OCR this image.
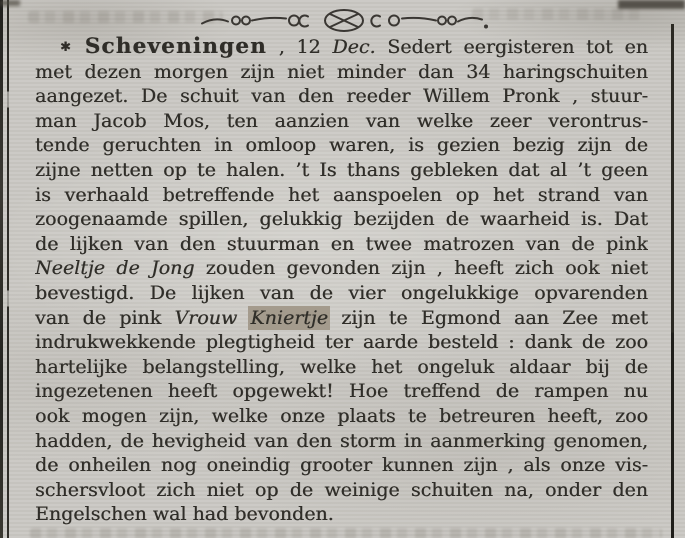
✱ Scheveningen , 12 Dec. Sedert eergisteren tot en
met dezen morgen zijn niet minder dan 34 haringschuiten
aangezet. De schuit van den reeder Willem Pronk , stuur-
man Jacob Mos, ten aanzien van welke zeer verontrus-
tende geruchten in omloop waren, is gezien bezig zijn de
zijne netten op te halen. ’t Is thans gebleken dat al ’t geen
is verhaald betreffende het aanspoelen op het strand van
zoogenaamde spillen, gelukkig bezijden de waarheid is. Dat
de lijken van den stuurman en twee matrozen van de pink
Neeltje de Jong zouden gevonden zijn , heeft zich ook niet
bevestigd. De lijken van de vier ongelukkige opvarenden
van de pink Vrouw Kniertje zijn te Egmond aan Zee met
indrukwekkende plegtigheid ter aarde besteld : dank de zoo
hartelijke belangstelling, welke het ongeluk aldaar bij de
ingezetenen heeft opgewekt! Hoe treffend de rampen nu
ook mogen zijn, welke onze plaats te betreuren heeft, zoo
hadden, de hevigheid van den storm in aanmerking genomen,
de onheilen nog oneindig grooter kunnen zijn , als onze vis-
schersvloot zich niet op de weinige schuiten na, onder den
Engelschen wal had bevonden.
